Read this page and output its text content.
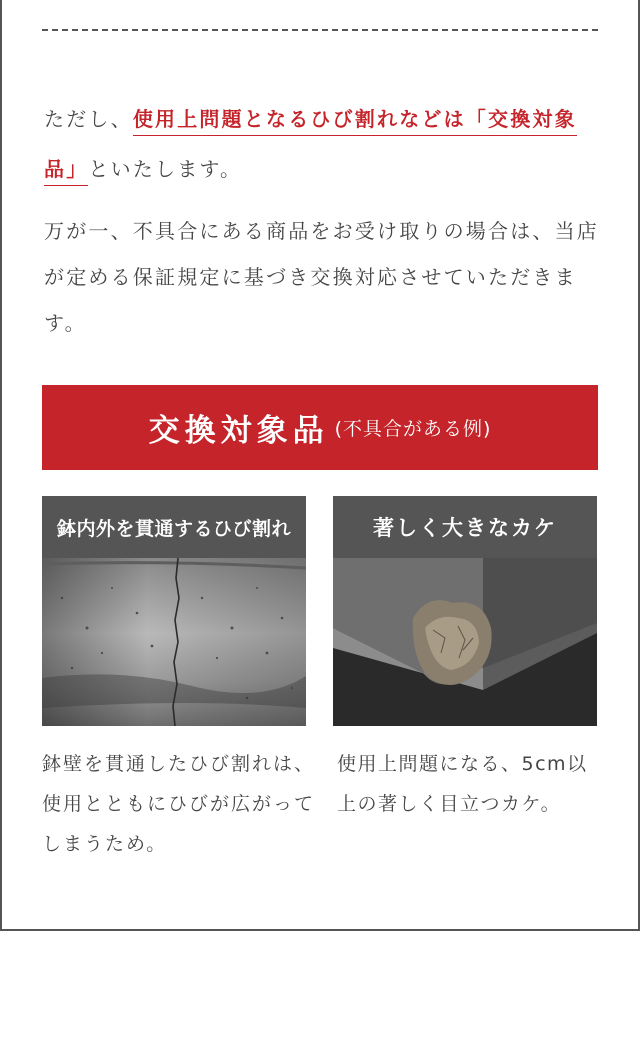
ただし、使用上問題となるひび割れなどは「交換対象品」といたします。

万が一、不具合にある商品をお受け取りの場合は、当店が定める保証規定に基づき交換対応させていただきます。

交換対象品 (不具合がある例)
鉢内外を貫通するひび割れ	著しく大きなカケ

鉢壁を貫通したひび割れは、使用とともにひびが広がってしまうため。

使用上問題になる、5cm以上の著しく目立つカケ。
